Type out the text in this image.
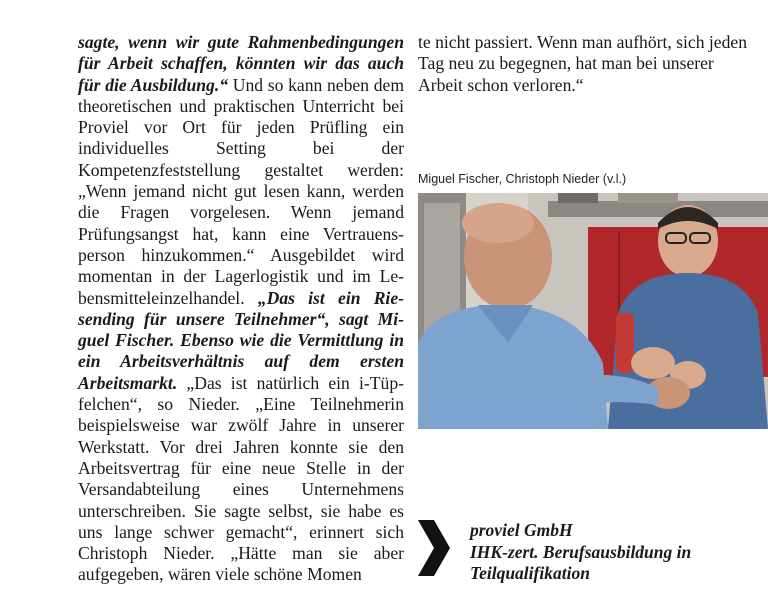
sagte, wenn wir gute Rahmenbedingungen für Arbeit schaffen, könnten wir das auch für die Ausbildung.“ Und so kann neben dem theoretischen und praktischen Unterricht bei Proviel vor Ort für jeden Prüfling ein individuelles Setting bei der Kompetenzfeststellung gestaltet werden: „Wenn jemand nicht gut lesen kann, werden die Fragen vorgelesen. Wenn jemand Prüfungsangst hat, kann eine Vertrauensperson hinzukommen.“ Ausgebildet wird momentan in der Lagerlogistik und im Lebensmitteleinzelhandel. „Das ist ein Riesending für unsere Teilnehmer“, sagt Miguel Fischer. Ebenso wie die Vermittlung in ein Arbeitsverhältnis auf dem ersten Arbeitsmarkt. „Das ist natürlich ein i-Tüpfelchen“, so Nieder. „Eine Teilnehmerin beispielsweise war zwölf Jahre in unserer Werkstatt. Vor drei Jahren konnte sie den Arbeitsvertrag für eine neue Stelle in der Versandabteilung eines Unternehmens unterschreiben. Sie sagte selbst, sie habe es uns lange schwer gemacht“, erinnert sich Christoph Nieder. „Hätte man sie aber aufgegeben, wären viele schöne Momen

te nicht passiert. Wenn man aufhört, sich jeden Tag neu zu begegnen, hat man bei unserer Arbeit schon verloren.“

Miguel Fischer, Christoph Nieder (v.l.)
proviel GmbH
IHK-zert. Berufsausbildung in
Teilqualifikation
